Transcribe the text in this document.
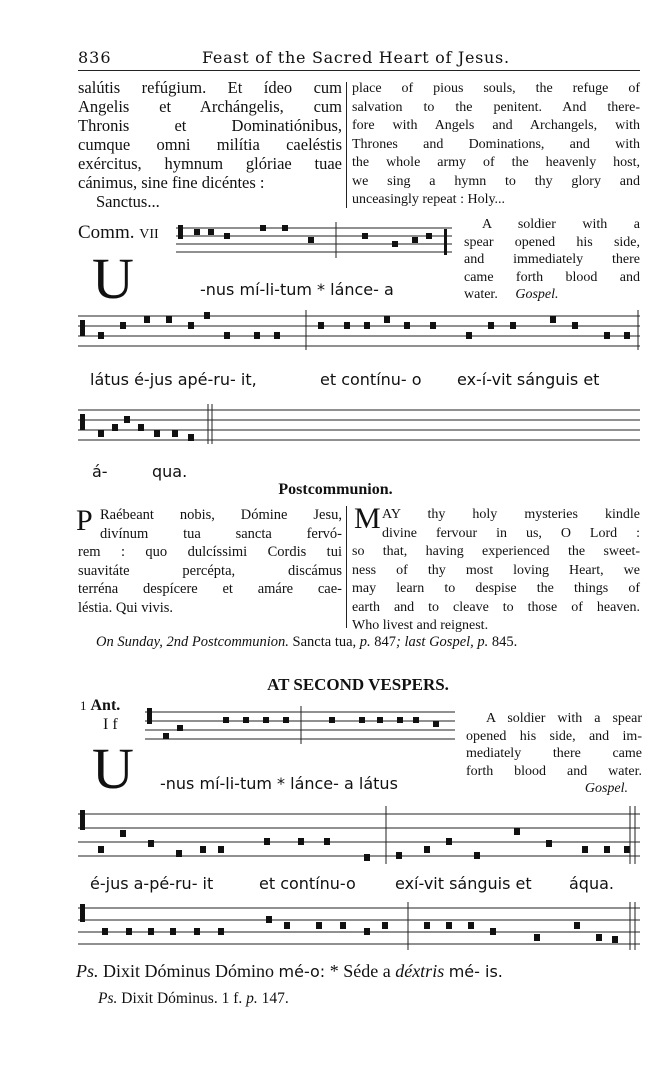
836	Feast of the Sacred Heart of Jesus.
salútis refúgium. Et ídeo cum
Angelis et Archángelis, cum
Thronis et Dominatiónibus,
cumque omni milítia caeléstis
exércitus, hymnum glóriae tuae
cánimus, sine fine dicéntes :
Sanctus...
place of pious souls, the refuge of
salvation to the penitent. And there-
fore with Angels and Archangels, with
Thrones and Dominations, and with
the whole army of the heavenly host,
we sing a hymn to thy glory and
unceasingly repeat : Holy...
Comm. VII
U	-nus mí-li-tum * lánce- a
A soldier with a
spear opened his side,
and immediately there
came forth blood and
water. Gospel.
látus é-jus apé-ru- it,	et contínu- o ex-í-vit sánguis et
á-	qua.
Postcommunion.
P Raébeant nobis, Dómine Jesu,
divínum tua sancta fervó-
rem : quo dulcíssimi Cordis tui
suavitáte percépta, discámus
terréna despícere et amáre cae-
léstia. Qui vivis.
M AY thy holy mysteries kindle
divine fervour in us, O Lord :
so that, having experienced the sweet-
ness of thy most loving Heart, we
may learn to despise the things of
earth and to cleave to those of heaven.
Who livest and reignest.
On Sunday, 2nd Postcommunion. Sancta tua, p. 847; last Gospel, p. 845.
AT SECOND VESPERS.
1 Ant.
I f
U -nus mí-li-tum * lánce- a látus
A soldier with a spear
opened his side, and im-
mediately there came
forth blood and water.
Gospel.
é-jus a-pé-ru- it	et contínu-o exí-vit sánguis et áqua.
Ps. Dixit Dóminus Dómino mé-o: * Séde a déxtris mé- is.
Ps. Dixit Dóminus. 1 f. p. 147.
